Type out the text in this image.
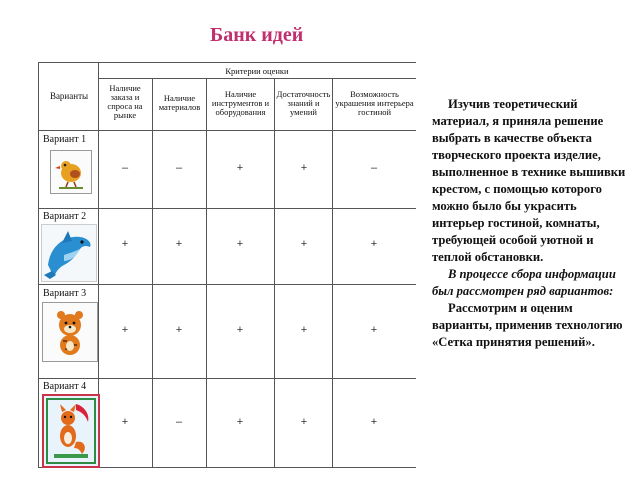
Банк идей
Варианты
Критерии оценки
Наличие заказа и спроса на рынке
Наличие материалов
Наличие инструментов и оборудования
Достаточность знаний и умений
Возможность украшения интерьера гостиной
Вариант 1
–	–	+	+	–
Вариант 2
+	+	+	+	+
Вариант 3
+	+	+	+	+
Вариант 4
+	–	+	+	+

Изучив теоретический материал, я приняла решение выбрать в качестве объекта творческого проекта изделие, выполненное в технике вышивки крестом, с помощью которого можно было бы украсить интерьер гостиной, комнаты, требующей особой уютной и теплой обстановки.

В процессе сбора информации был рассмотрен ряд вариантов:

Рассмотрим и оценим варианты, применив технологию «Сетка принятия решений».
